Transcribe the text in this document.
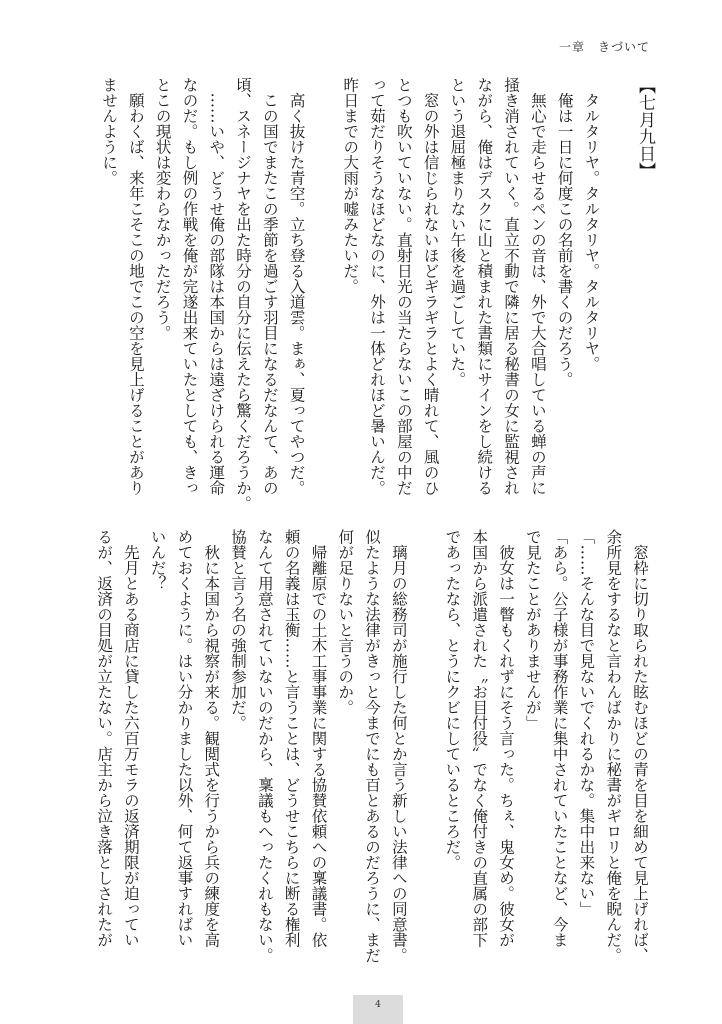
一章　きづいて
【七月九日】
　タルタリヤ。タルタリヤ。タルタリヤ。
　俺は一日に何度この名前を書くのだろう。
　無心で走らせるペンの音は、外で大合唱している蝉の声に
掻き消されていく。直立不動で隣に居る秘書の女に監視され
ながら、俺はデスクに山と積まれた書類にサインをし続ける
という退屈極まりない午後を過ごしていた。
　窓の外は信じられないほどギラギラとよく晴れて、風のひ
とつも吹いていない。直射日光の当たらないこの部屋の中だ
って茹だりそうなほどなのに、外は一体どれほど暑いんだ。
昨日までの大雨が嘘みたいだ。
　高く抜けた青空。立ち登る入道雲。まぁ、夏ってやつだ。
　この国でまたこの季節を過ごす羽目になるだなんて、あの
頃、スネージナヤを出た時分の自分に伝えたら驚くだろうか。
　……いや、どうせ俺の部隊は本国からは遠ざけられる運命
なのだ。もし例の作戦を俺が完遂出来ていたとしても、きっ
とこの現状は変わらなかっただろう。
　願わくば、来年こそこの地でこの空を見上げることがあり
ませんように。
　窓枠に切り取られた眩むほどの青を目を細めて見上げれば、
余所見をするなと言わんばかりに秘書がギロリと俺を睨んだ。
「……そんな目で見ないでくれるかな。集中出来ない」
「あら。公子様が事務作業に集中されていたことなど、今ま
で見たことがありませんが」
　彼女は一瞥もくれずにそう言った。ちぇ、鬼女め。彼女が
本国から派遣された〝お目付役〟でなく俺付きの直属の部下
であったなら、とうにクビにしているところだ。
　璃月の総務司が施行した何とか言う新しい法律への同意書。
似たような法律がきっと今までにも百とあるのだろうに、まだ
何が足りないと言うのか。
　帰離原での土木工事事業に関する協賛依頼への稟議書。依
頼の名義は玉衡……と言うことは、どうせこちらに断る権利
なんて用意されていないのだから、稟議もへったくれもない。
協賛と言う名の強制参加だ。
　秋に本国から視察が来る。観閲式を行うから兵の練度を高
めておくように。はい分かりました以外、何て返事すればい
いんだ？
　先月とある商店に貸した六百万モラの返済期限が迫ってい
るが、返済の目処が立たない。店主から泣き落としされたが
4
